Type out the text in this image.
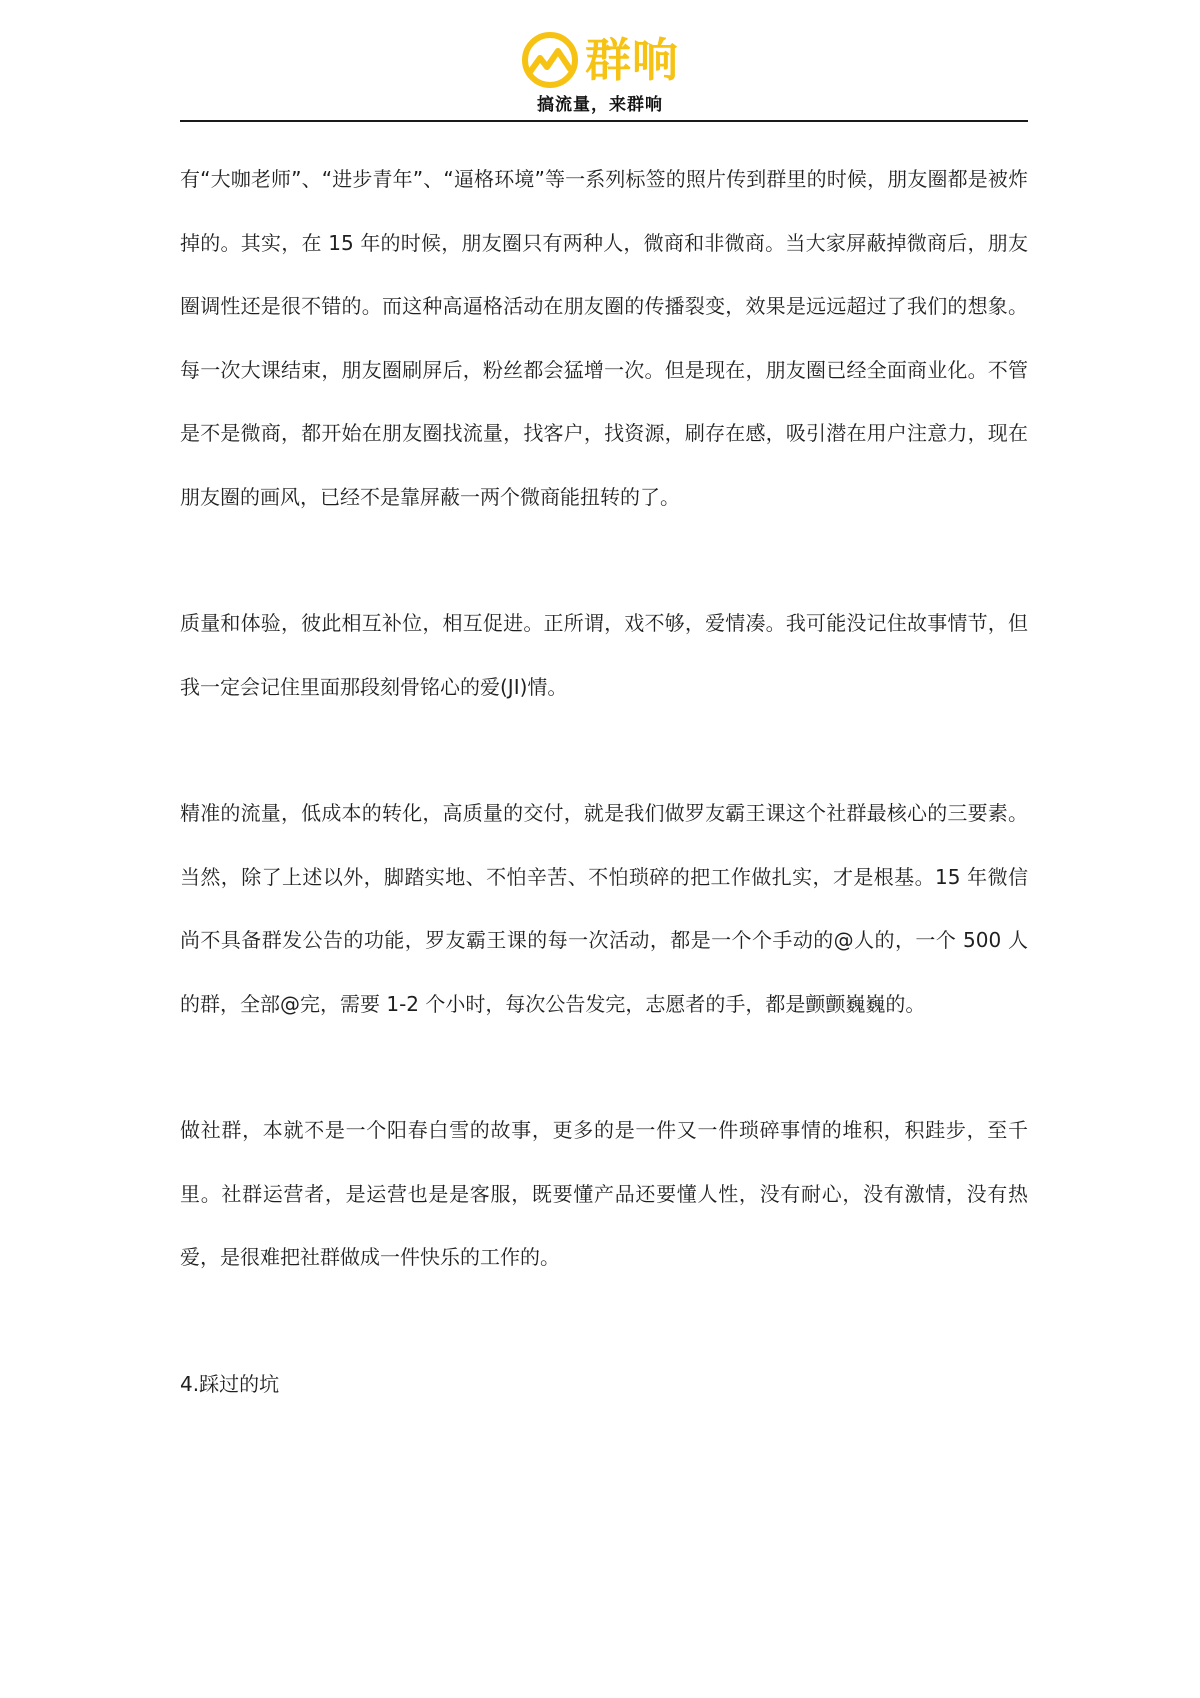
群响
搞流量，来群响

有“大咖老师”、“进步青年”、“逼格环境”等一系列标签的照片传到群里的时候，朋友圈都是被炸掉的。其实，在 15 年的时候，朋友圈只有两种人，微商和非微商。当大家屏蔽掉微商后，朋友圈调性还是很不错的。而这种高逼格活动在朋友圈的传播裂变，效果是远远超过了我们的想象。每一次大课结束，朋友圈刷屏后，粉丝都会猛增一次。但是现在，朋友圈已经全面商业化。不管是不是微商，都开始在朋友圈找流量，找客户，找资源，刷存在感，吸引潜在用户注意力，现在朋友圈的画风，已经不是靠屏蔽一两个微商能扭转的了。

质量和体验，彼此相互补位，相互促进。正所谓，戏不够，爱情凑。我可能没记住故事情节，但我一定会记住里面那段刻骨铭心的爱(JI)情。

精准的流量，低成本的转化，高质量的交付，就是我们做罗友霸王课这个社群最核心的三要素。当然，除了上述以外，脚踏实地、不怕辛苦、不怕琐碎的把工作做扎实，才是根基。15 年微信尚不具备群发公告的功能，罗友霸王课的每一次活动，都是一个个手动的@人的，一个 500 人的群，全部@完，需要 1-2 个小时，每次公告发完，志愿者的手，都是颤颤巍巍的。

做社群，本就不是一个阳春白雪的故事，更多的是一件又一件琐碎事情的堆积，积跬步，至千里。社群运营者，是运营也是是客服，既要懂产品还要懂人性，没有耐心，没有激情，没有热爱，是很难把社群做成一件快乐的工作的。

4.踩过的坑
